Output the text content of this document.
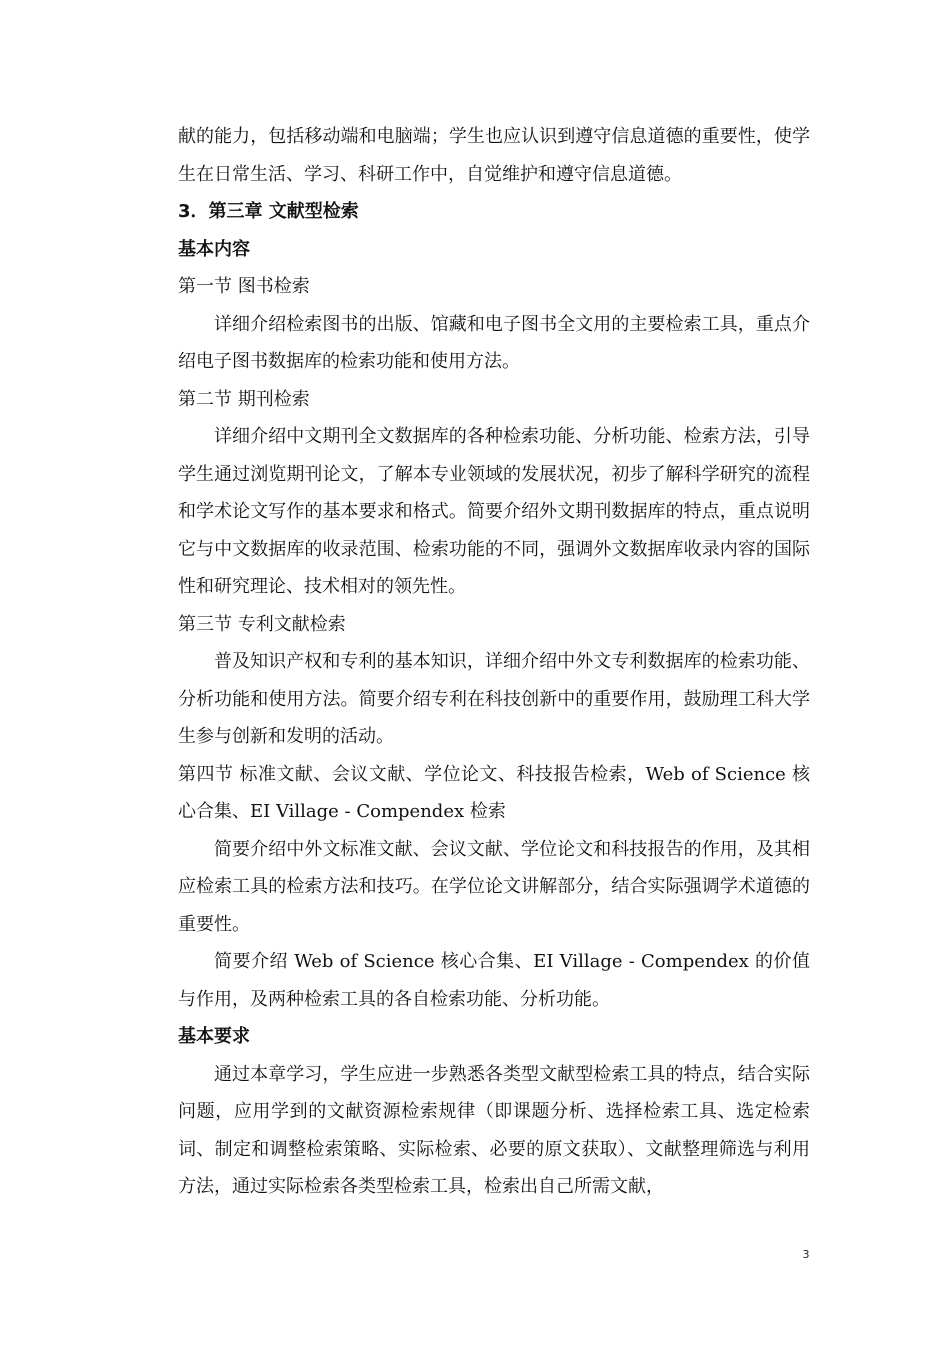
献的能力，包括移动端和电脑端；学生也应认识到遵守信息道德的重要性，使学生在日常生活、学习、科研工作中，自觉维护和遵守信息道德。

3．第三章 文献型检索

基本内容

第一节 图书检索

详细介绍检索图书的出版、馆藏和电子图书全文用的主要检索工具，重点介绍电子图书数据库的检索功能和使用方法。

第二节 期刊检索

详细介绍中文期刊全文数据库的各种检索功能、分析功能、检索方法，引导学生通过浏览期刊论文，了解本专业领域的发展状况，初步了解科学研究的流程和学术论文写作的基本要求和格式。简要介绍外文期刊数据库的特点，重点说明它与中文数据库的收录范围、检索功能的不同，强调外文数据库收录内容的国际性和研究理论、技术相对的领先性。

第三节 专利文献检索

普及知识产权和专利的基本知识，详细介绍中外文专利数据库的检索功能、分析功能和使用方法。简要介绍专利在科技创新中的重要作用，鼓励理工科大学生参与创新和发明的活动。

第四节 标准文献、会议文献、学位论文、科技报告检索，Web of Science 核心合集、EI Village - Compendex 检索

简要介绍中外文标准文献、会议文献、学位论文和科技报告的作用，及其相应检索工具的检索方法和技巧。在学位论文讲解部分，结合实际强调学术道德的重要性。

简要介绍 Web of Science 核心合集、EI Village - Compendex 的价值与作用，及两种检索工具的各自检索功能、分析功能。

基本要求

通过本章学习，学生应进一步熟悉各类型文献型检索工具的特点，结合实际问题，应用学到的文献资源检索规律（即课题分析、选择检索工具、选定检索词、制定和调整检索策略、实际检索、必要的原文获取）、文献整理筛选与利用方法，通过实际检索各类型检索工具，检索出自己所需文献，

3
